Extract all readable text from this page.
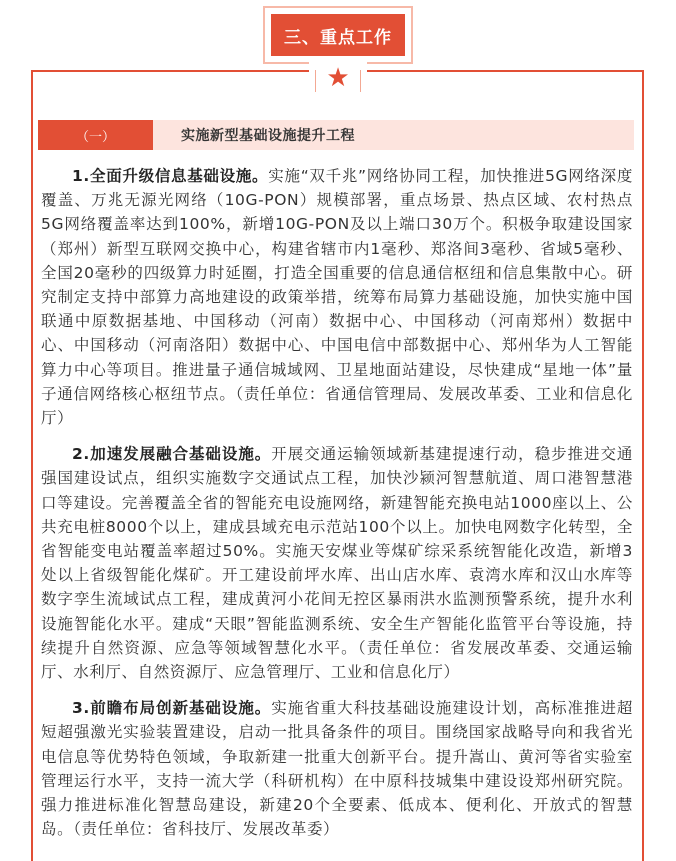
三、重点工作
★
（一）	实施新型基础设施提升工程

1.全面升级信息基础设施。实施“双千兆”网络协同工程，加快推进5G网络深度覆盖、万兆无源光网络（10G-PON）规模部署，重点场景、热点区域、农村热点5G网络覆盖率达到100%，新增10G-PON及以上端口30万个。积极争取建设国家（郑州）新型互联网交换中心，构建省辖市内1毫秒、郑洛间3毫秒、省域5毫秒、全国20毫秒的四级算力时延圈，打造全国重要的信息通信枢纽和信息集散中心。研究制定支持中部算力高地建设的政策举措，统筹布局算力基础设施，加快实施中国联通中原数据基地、中国移动（河南）数据中心、中国移动（河南郑州）数据中心、中国移动（河南洛阳）数据中心、中国电信中部数据中心、郑州华为人工智能算力中心等项目。推进量子通信城域网、卫星地面站建设，尽快建成“星地一体”量子通信网络核心枢纽节点。（责任单位：省通信管理局、发展改革委、工业和信息化厅）

2.加速发展融合基础设施。开展交通运输领域新基建提速行动，稳步推进交通强国建设试点，组织实施数字交通试点工程，加快沙颍河智慧航道、周口港智慧港口等建设。完善覆盖全省的智能充电设施网络，新建智能充换电站1000座以上、公共充电桩8000个以上，建成县域充电示范站100个以上。加快电网数字化转型，全省智能变电站覆盖率超过50%。实施天安煤业等煤矿综采系统智能化改造，新增3处以上省级智能化煤矿。开工建设前坪水库、出山店水库、袁湾水库和汉山水库等数字孪生流域试点工程，建成黄河小花间无控区暴雨洪水监测预警系统，提升水利设施智能化水平。建成“天眼”智能监测系统、安全生产智能化监管平台等设施，持续提升自然资源、应急等领域智慧化水平。（责任单位：省发展改革委、交通运输厅、水利厅、自然资源厅、应急管理厅、工业和信息化厅）

3.前瞻布局创新基础设施。实施省重大科技基础设施建设计划，高标准推进超短超强激光实验装置建设，启动一批具备条件的项目。围绕国家战略导向和我省光电信息等优势特色领域，争取新建一批重大创新平台。提升嵩山、黄河等省实验室管理运行水平，支持一流大学（科研机构）在中原科技城集中建设设郑州研究院。强力推进标准化智慧岛建设，新建20个全要素、低成本、便利化、开放式的智慧岛。（责任单位：省科技厅、发展改革委）
